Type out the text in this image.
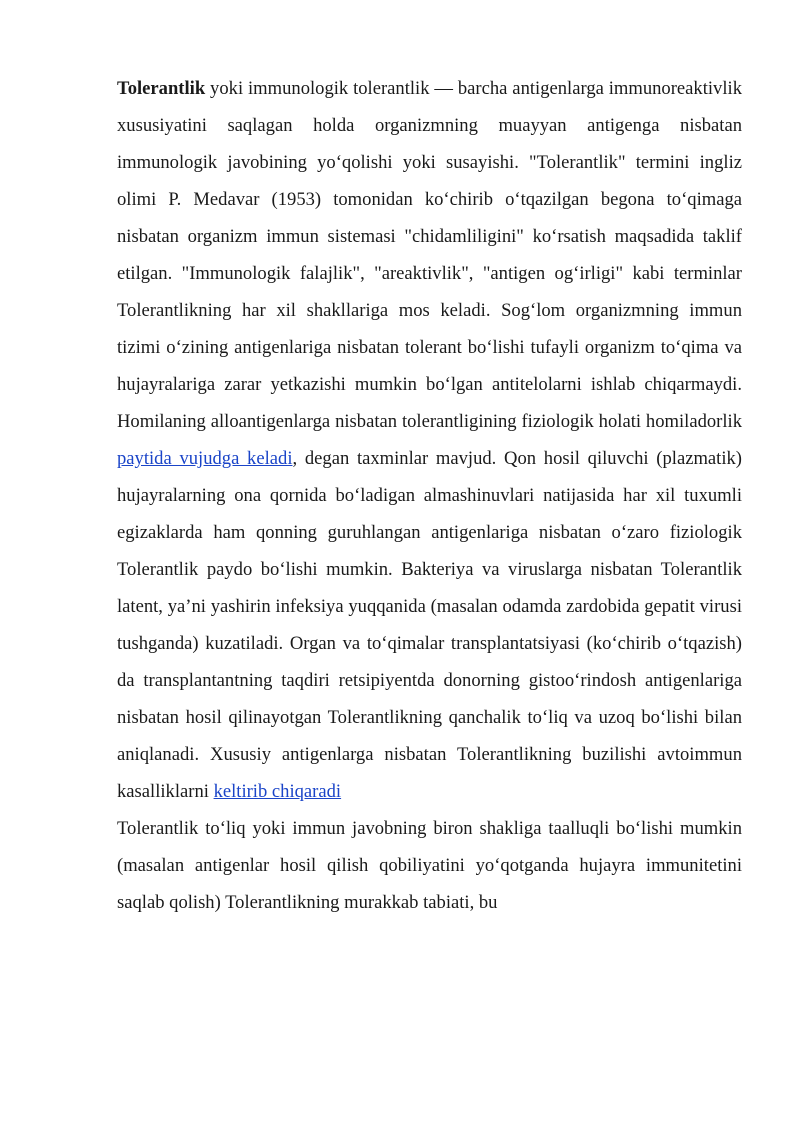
Tolerantlik yoki immunologik tolerantlik — barcha antigenlarga immunoreaktivlik xususiyatini saqlagan holda organizmning muayyan antigenga nisbatan immunologik javobining yo‘qolishi yoki susayishi. "Tolerantlik" termini ingliz olimi P. Medavar (1953) tomonidan ko‘chirib o‘tqazilgan begona to‘qimaga nisbatan organizm immun sistemasi "chidamliligini" ko‘rsatish maqsadida taklif etilgan. "Immunologik falajlik", "areaktivlik", "antigen og‘irligi" kabi terminlar Tolerantlikning har xil shakllariga mos keladi. Sog‘lom organizmning immun tizimi o‘zining antigenlariga nisbatan tolerant bo‘lishi tufayli organizm to‘qima va hujayralariga zarar yetkazishi mumkin bo‘lgan antitelolarni ishlab chiqarmaydi. Homilaning alloantigenlarga nisbatan tolerantligining fiziologik holati homiladorlik paytida vujudga keladi, degan taxminlar mavjud. Qon hosil qiluvchi (plazmatik) hujayralarning ona qornida bo‘ladigan almashinuvlari natijasida har xil tuxumli egizaklarda ham qonning guruhlangan antigenlariga nisbatan o‘zaro fiziologik Tolerantlik paydo bo‘lishi mumkin. Bakteriya va viruslarga nisbatan Tolerantlik latent, ya’ni yashirin infeksiya yuqqanida (masalan odamda zardobida gepatit virusi tushganda) kuzatiladi. Organ va to‘qimalar transplantatsiyasi (ko‘chirib o‘tqazish) da transplantantning taqdiri retsipiyentda donorning gistoo‘rindosh antigenlariga nisbatan hosil qilinayotgan Tolerantlikning qanchalik to‘liq va uzoq bo‘lishi bilan aniqlanadi. Xususiy antigenlarga nisbatan Tolerantlikning buzilishi avtoimmun kasalliklarni keltirib chiqaradi

Tolerantlik to‘liq yoki immun javobning biron shakliga taalluqli bo‘lishi mumkin (masalan antigenlar hosil qilish qobiliyatini yo‘qotganda hujayra immunitetini saqlab qolish) Tolerantlikning murakkab tabiati, bu
